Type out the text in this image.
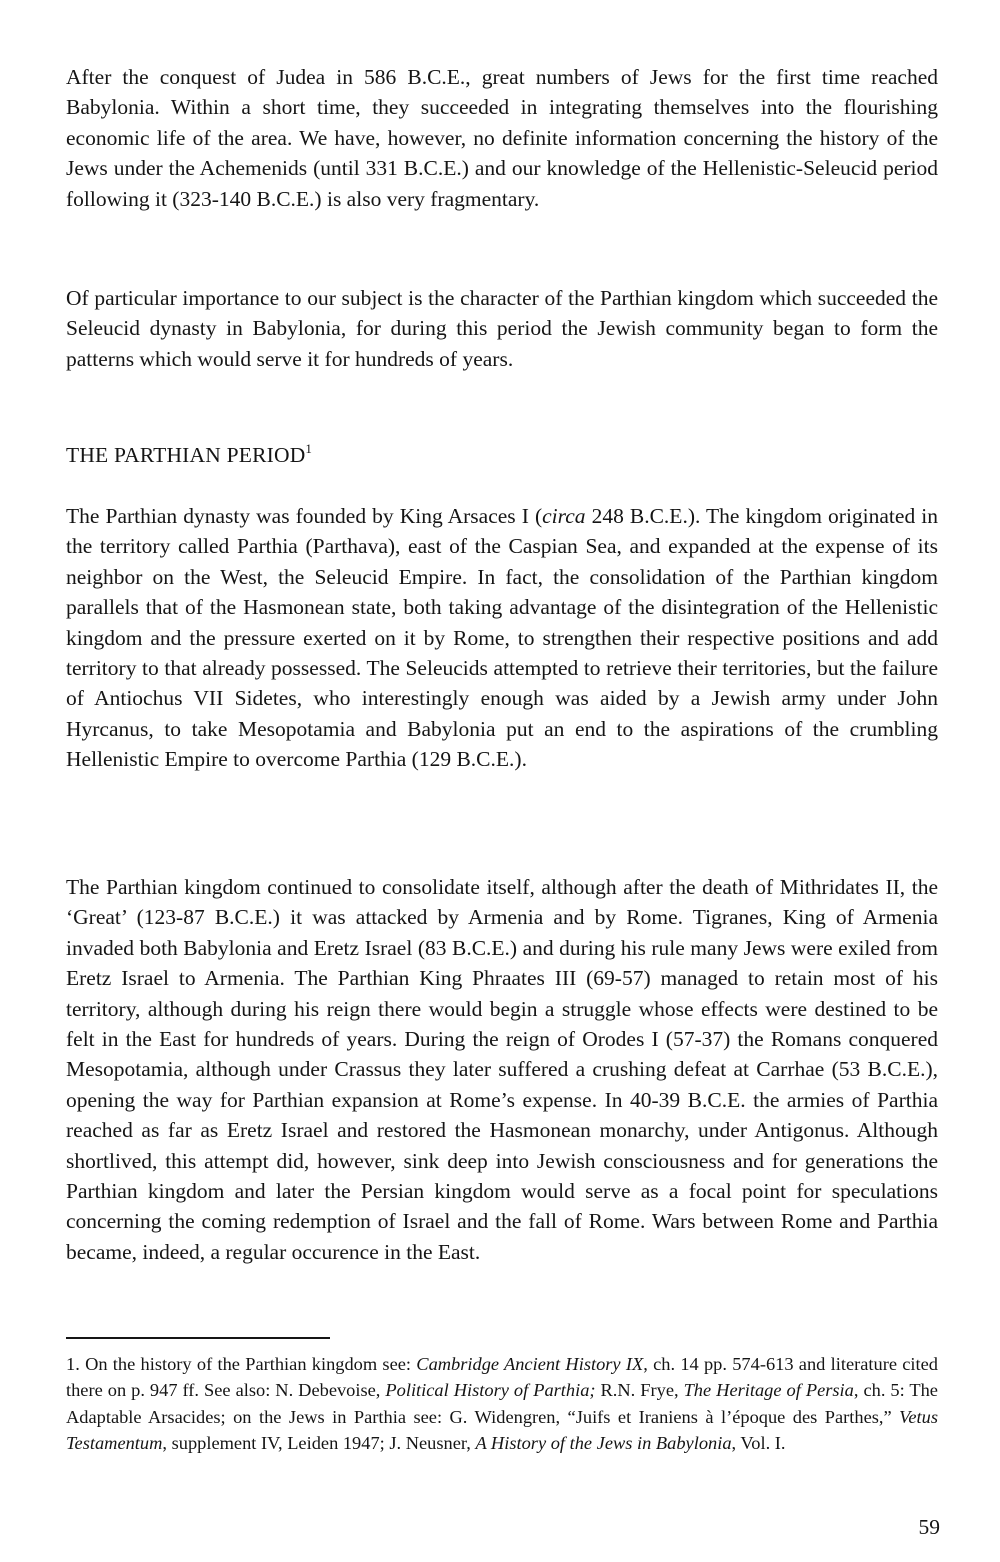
After the conquest of Judea in 586 B.C.E., great numbers of Jews for the first time reached Babylonia. Within a short time, they succeeded in integrating themselves into the flourishing economic life of the area. We have, however, no definite information concerning the history of the Jews under the Achemenids (until 331 B.C.E.) and our knowledge of the Hellenistic-Seleucid period following it (323-140 B.C.E.) is also very fragmentary.

Of particular importance to our subject is the character of the Parthian kingdom which succeeded the Seleucid dynasty in Babylonia, for during this period the Jewish community began to form the patterns which would serve it for hundreds of years.

THE PARTHIAN PERIOD$^1$

The Parthian dynasty was founded by King Arsaces I (circa 248 B.C.E.). The kingdom originated in the territory called Parthia (Parthava), east of the Caspian Sea, and expanded at the expense of its neighbor on the West, the Seleucid Empire. In fact, the consolidation of the Parthian kingdom parallels that of the Hasmonean state, both taking advantage of the disintegration of the Hellenistic kingdom and the pressure exerted on it by Rome, to strengthen their respective positions and add territory to that already possessed. The Seleucids attempted to retrieve their territories, but the failure of Antiochus VII Sidetes, who interestingly enough was aided by a Jewish army under John Hyrcanus, to take Mesopotamia and Babylonia put an end to the aspirations of the crumbling Hellenistic Empire to overcome Parthia (129 B.C.E.).

The Parthian kingdom continued to consolidate itself, although after the death of Mithridates II, the ‘Great’ (123-87 B.C.E.) it was attacked by Armenia and by Rome. Tigranes, King of Armenia invaded both Babylonia and Eretz Israel (83 B.C.E.) and during his rule many Jews were exiled from Eretz Israel to Armenia. The Parthian King Phraates III (69-57) managed to retain most of his territory, although during his reign there would begin a struggle whose effects were destined to be felt in the East for hundreds of years. During the reign of Orodes I (57-37) the Romans conquered Mesopotamia, although under Crassus they later suffered a crushing defeat at Carrhae (53 B.C.E.), opening the way for Parthian expansion at Rome’s expense. In 40-39 B.C.E. the armies of Parthia reached as far as Eretz Israel and restored the Hasmonean monarchy, under Antigonus. Although shortlived, this attempt did, however, sink deep into Jewish consciousness and for generations the Parthian kingdom and later the Persian kingdom would serve as a focal point for speculations concerning the coming redemption of Israel and the fall of Rome. Wars between Rome and Parthia became, indeed, a regular occurence in the East.

1. On the history of the Parthian kingdom see: Cambridge Ancient History IX, ch. 14 pp. 574-613 and literature cited there on p. 947 ff. See also: N. Debevoise, Political History of Parthia; R.N. Frye, The Heritage of Persia, ch. 5: The Adaptable Arsacides; on the Jews in Parthia see: G. Widengren, “Juifs et Iraniens à l’époque des Parthes,” Vetus Testamentum, supplement IV, Leiden 1947; J. Neusner, A History of the Jews in Babylonia, Vol. I.

59
